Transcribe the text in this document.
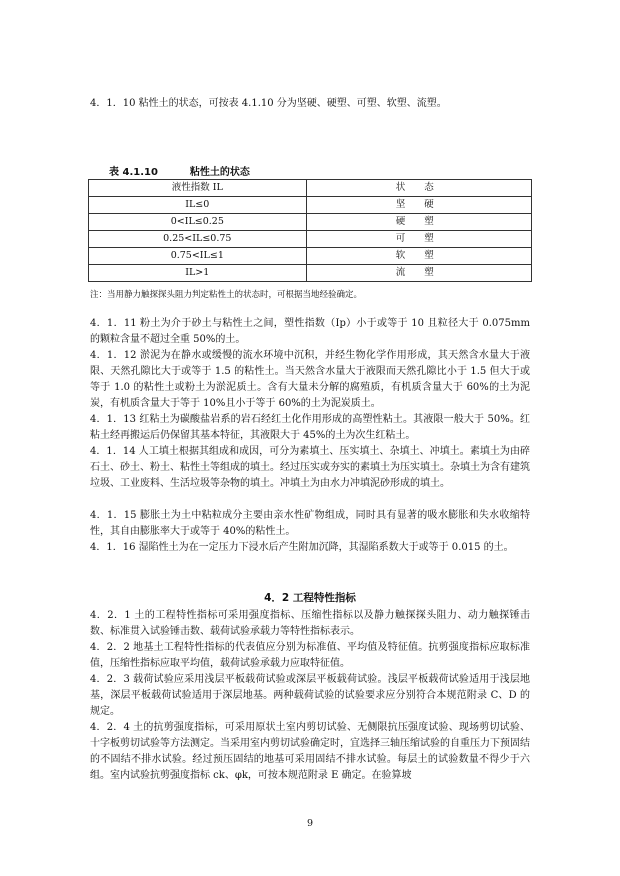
4．1．10 粘性土的状态，可按表 4.1.10 分为坚硬、硬塑、可塑、软塑、流塑。

表 4.1.10	粘性土的状态
液性指数 IL	状 态
IL≤0	坚 硬
0<IL≤0.25	硬 塑
0.25<IL≤0.75	可 塑
0.75<IL≤1	软 塑
IL>1	流 塑
注：当用静力触探探头阻力判定粘性土的状态时，可根据当地经验确定。

4．1．11 粉土为介于砂土与粘性土之间，塑性指数（Ip）小于或等于 10 且粒径大于 0.075mm 的颗粒含量不超过全重 50%的土。

4．1．12 淤泥为在静水或缓慢的流水环境中沉积，并经生物化学作用形成，其天然含水量大于液限、天然孔隙比大于或等于 1.5 的粘性土。当天然含水量大于液限而天然孔隙比小于 1.5 但大于或等于 1.0 的粘性土或粉土为淤泥质土。含有大量未分解的腐殖质，有机质含量大于 60%的土为泥炭，有机质含量大于等于 10%且小于等于 60%的土为泥炭质土。

4．1．13 红粘土为碳酸盐岩系的岩石经红土化作用形成的高塑性粘土。其液限一般大于 50%。红粘土经再搬运后仍保留其基本特征，其液限大于 45%的土为次生红粘土。

4．1．14 人工填土根据其组成和成因，可分为素填土、压实填土、杂填土、冲填土。素填土为由碎石土、砂土、粉土、粘性土等组成的填土。经过压实或夯实的素填土为压实填土。杂填土为含有建筑垃圾、工业废料、生活垃圾等杂物的填土。冲填土为由水力冲填泥砂形成的填土。

4．1．15 膨胀土为土中粘粒成分主要由亲水性矿物组成，同时具有显著的吸水膨胀和失水收缩特性，其自由膨胀率大于或等于 40%的粘性土。

4．1．16 湿陷性土为在一定压力下浸水后产生附加沉降，其湿陷系数大于或等于 0.015 的土。

4．2 工程特性指标

4．2．1 土的工程特性指标可采用强度指标、压缩性指标以及静力触探探头阻力、动力触探锤击数、标准贯入试验锤击数、载荷试验承载力等特性指标表示。

4．2．2 地基土工程特性指标的代表值应分别为标准值、平均值及特征值。抗剪强度指标应取标准值，压缩性指标应取平均值，载荷试验承载力应取特征值。

4．2．3 载荷试验应采用浅层平板载荷试验或深层平板载荷试验。浅层平板载荷试验适用于浅层地基，深层平板载荷试验适用于深层地基。两种载荷试验的试验要求应分别符合本规范附录 C、D 的规定。

4．2．4 土的抗剪强度指标，可采用原状土室内剪切试验、无侧限抗压强度试验、现场剪切试验、十字板剪切试验等方法测定。当采用室内剪切试验确定时，宜选择三轴压缩试验的自重压力下预固结的不固结不排水试验。经过预压固结的地基可采用固结不排水试验。每层土的试验数量不得少于六组。室内试验抗剪强度指标 ck、φk，可按本规范附录 E 确定。在验算坡

9
